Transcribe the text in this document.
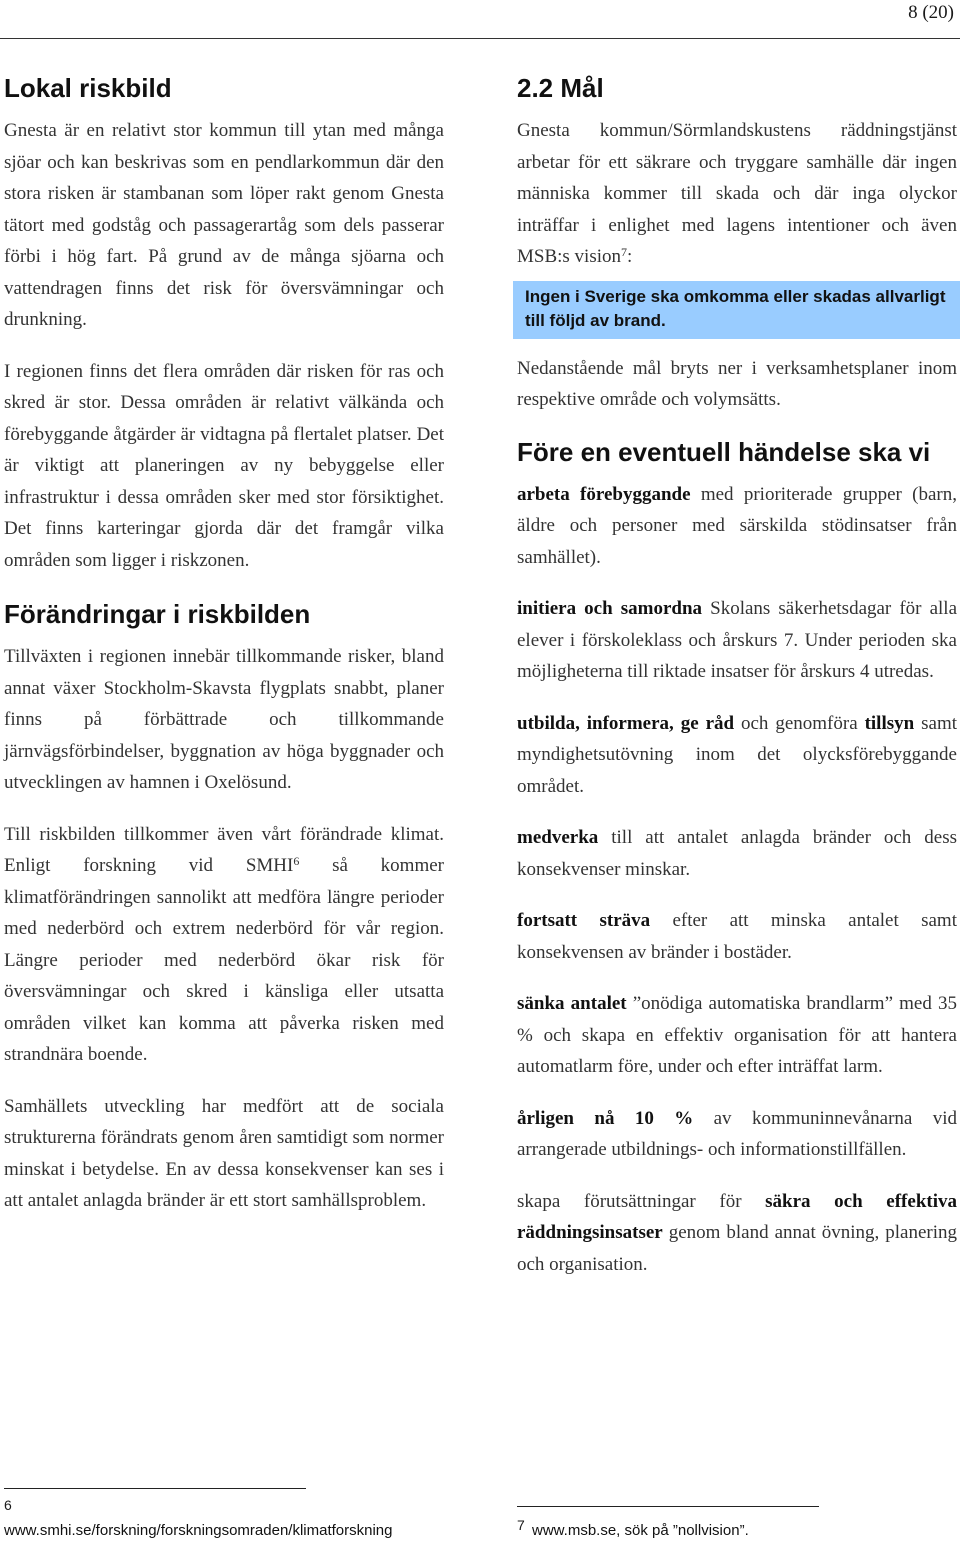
8 (20)
Lokal riskbild

Gnesta är en relativt stor kommun till ytan med många sjöar och kan beskrivas som en pendlarkommun där den stora risken är stambanan som löper rakt genom Gnesta tätort med godståg och passagerartåg som dels passerar förbi i hög fart. På grund av de många sjöarna och vattendragen finns det risk för översvämningar och drunkning.

I regionen finns det flera områden där risken för ras och skred är stor. Dessa områden är relativt välkända och förebyggande åtgärder är vidtagna på flertalet platser. Det är viktigt att planeringen av ny bebyggelse eller infrastruktur i dessa områden sker med stor försiktighet. Det finns karteringar gjorda där det framgår vilka områden som ligger i riskzonen.

Förändringar i riskbilden

Tillväxten i regionen innebär tillkommande risker, bland annat växer Stockholm-Skavsta flygplats snabbt, planer finns på förbättrade och tillkommande järnvägsförbindelser, byggnation av höga byggnader och utvecklingen av hamnen i Oxelösund.

Till riskbilden tillkommer även vårt förändrade klimat. Enligt forskning vid SMHI$^6$ så kommer klimatförändringen sannolikt att medföra längre perioder med nederbörd och extrem nederbörd för vår region. Längre perioder med nederbörd ökar risk för översvämningar och skred i känsliga eller utsatta områden vilket kan komma att påverka risken med strandnära boende.

Samhällets utveckling har medfört att de sociala strukturerna förändrats genom åren samtidigt som normer minskat i betydelse. En av dessa konsekvenser kan ses i att antalet anlagda bränder är ett stort samhällsproblem.

2.2 Mål

Gnesta kommun/Sörmlandskustens räddningstjänst arbetar för ett säkrare och tryggare samhälle där ingen människa kommer till skada och där inga olyckor inträffar i enlighet med lagens intentioner och även MSB:s vision$^7$:

Ingen i Sverige ska omkomma eller skadas allvarligt till följd av brand.

Nedanstående mål bryts ner i verksamhetsplaner inom respektive område och volymsätts.

Före en eventuell händelse ska vi

arbeta förebyggande med prioriterade grupper (barn, äldre och personer med särskilda stödinsatser från samhället).

initiera och samordna Skolans säkerhetsdagar för alla elever i förskoleklass och årskurs 7. Under perioden ska möjligheterna till riktade insatser för årskurs 4 utredas.

utbilda, informera, ge råd och genomföra tillsyn samt myndighetsutövning inom det olycksförebyggande området.

medverka till att antalet anlagda bränder och dess konsekvenser minskar.

fortsatt sträva efter att minska antalet samt konsekvensen av bränder i bostäder.

sänka antalet ”onödiga automatiska brandlarm” med 35 % och skapa en effektiv organisation för att hantera automatlarm före, under och efter inträffat larm.

årligen nå 10 % av kommuninnevånarna vid arrangerade utbildnings- och informationstillfällen.

skapa förutsättningar för säkra och effektiva räddningsinsatser genom bland annat övning, planering och organisation.

6
www.smhi.se/forskning/forskningsomraden/klimatforskning	7 www.msb.se, sök på ”nollvision”.
